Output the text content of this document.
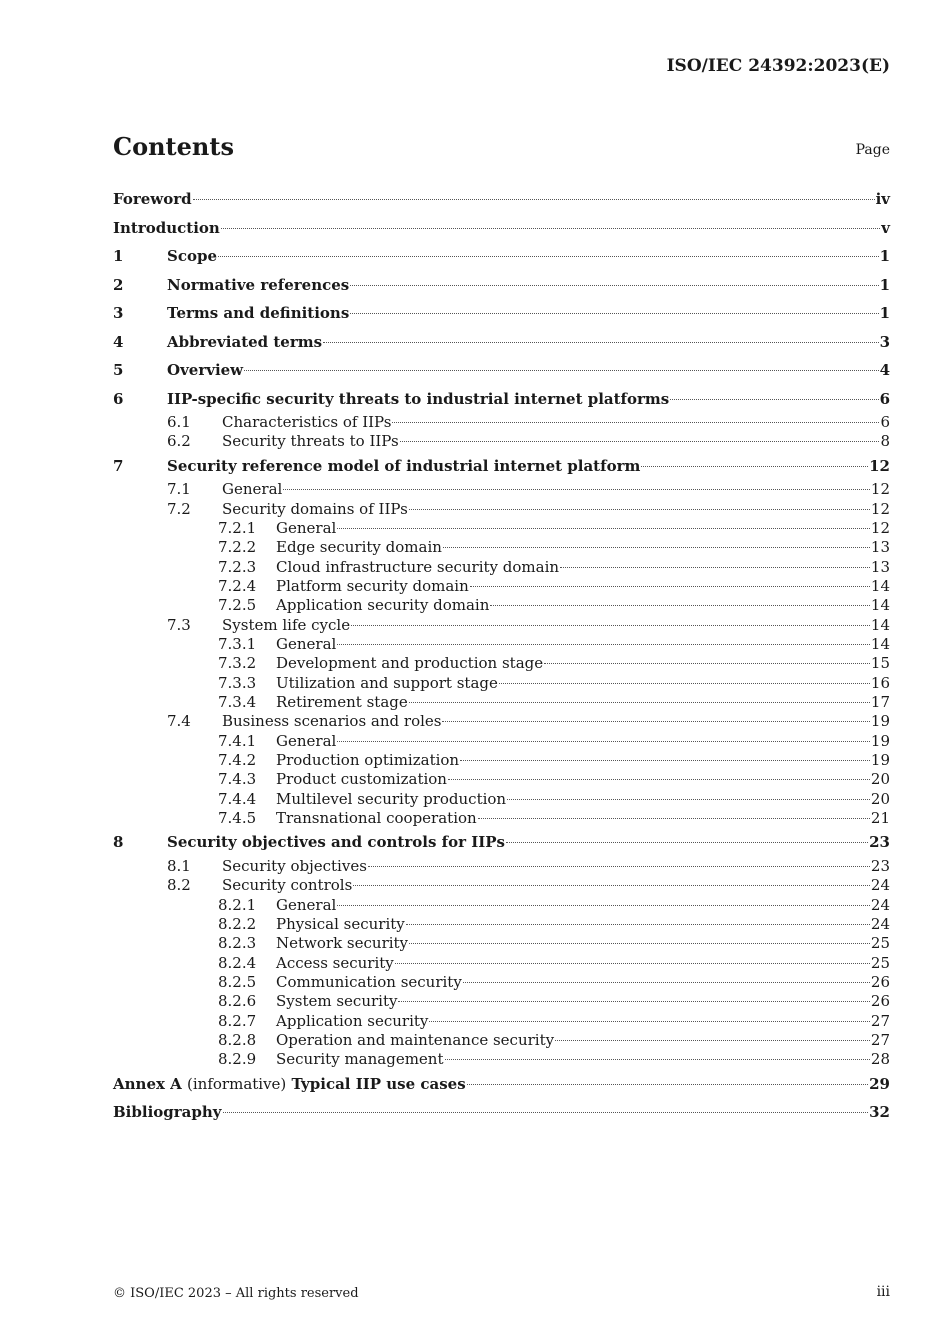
ISO/IEC 24392:2023(E)
Contents	Page
Foreword	iv
Introduction	v
1	Scope	1
2	Normative references	1
3	Terms and definitions	1
4	Abbreviated terms	3
5	Overview	4
6	IIP-specific security threats to industrial internet platforms	6
6.1 Characteristics of IIPs	6
6.2 Security threats to IIPs	8
7	Security reference model of industrial internet platform	12
7.1 General	12
7.2 Security domains of IIPs	12
7.2.1 General	12
7.2.2 Edge security domain	13
7.2.3 Cloud infrastructure security domain	13
7.2.4 Platform security domain	14
7.2.5 Application security domain	14
7.3 System life cycle	14
7.3.1 General	14
7.3.2 Development and production stage	15
7.3.3 Utilization and support stage	16
7.3.4 Retirement stage	17
7.4 Business scenarios and roles	19
7.4.1 General	19
7.4.2 Production optimization	19
7.4.3 Product customization	20
7.4.4 Multilevel security production	20
7.4.5 Transnational cooperation	21
8	Security objectives and controls for IIPs	23
8.1 Security objectives	23
8.2 Security controls	24
8.2.1 General	24
8.2.2 Physical security	24
8.2.3 Network security	25
8.2.4 Access security	25
8.2.5 Communication security	26
8.2.6 System security	26
8.2.7 Application security	27
8.2.8 Operation and maintenance security	27
8.2.9 Security management	28
Annex A (informative) Typical IIP use cases	29
Bibliography	32
© ISO/IEC 2023 – All rights reserved	iii
